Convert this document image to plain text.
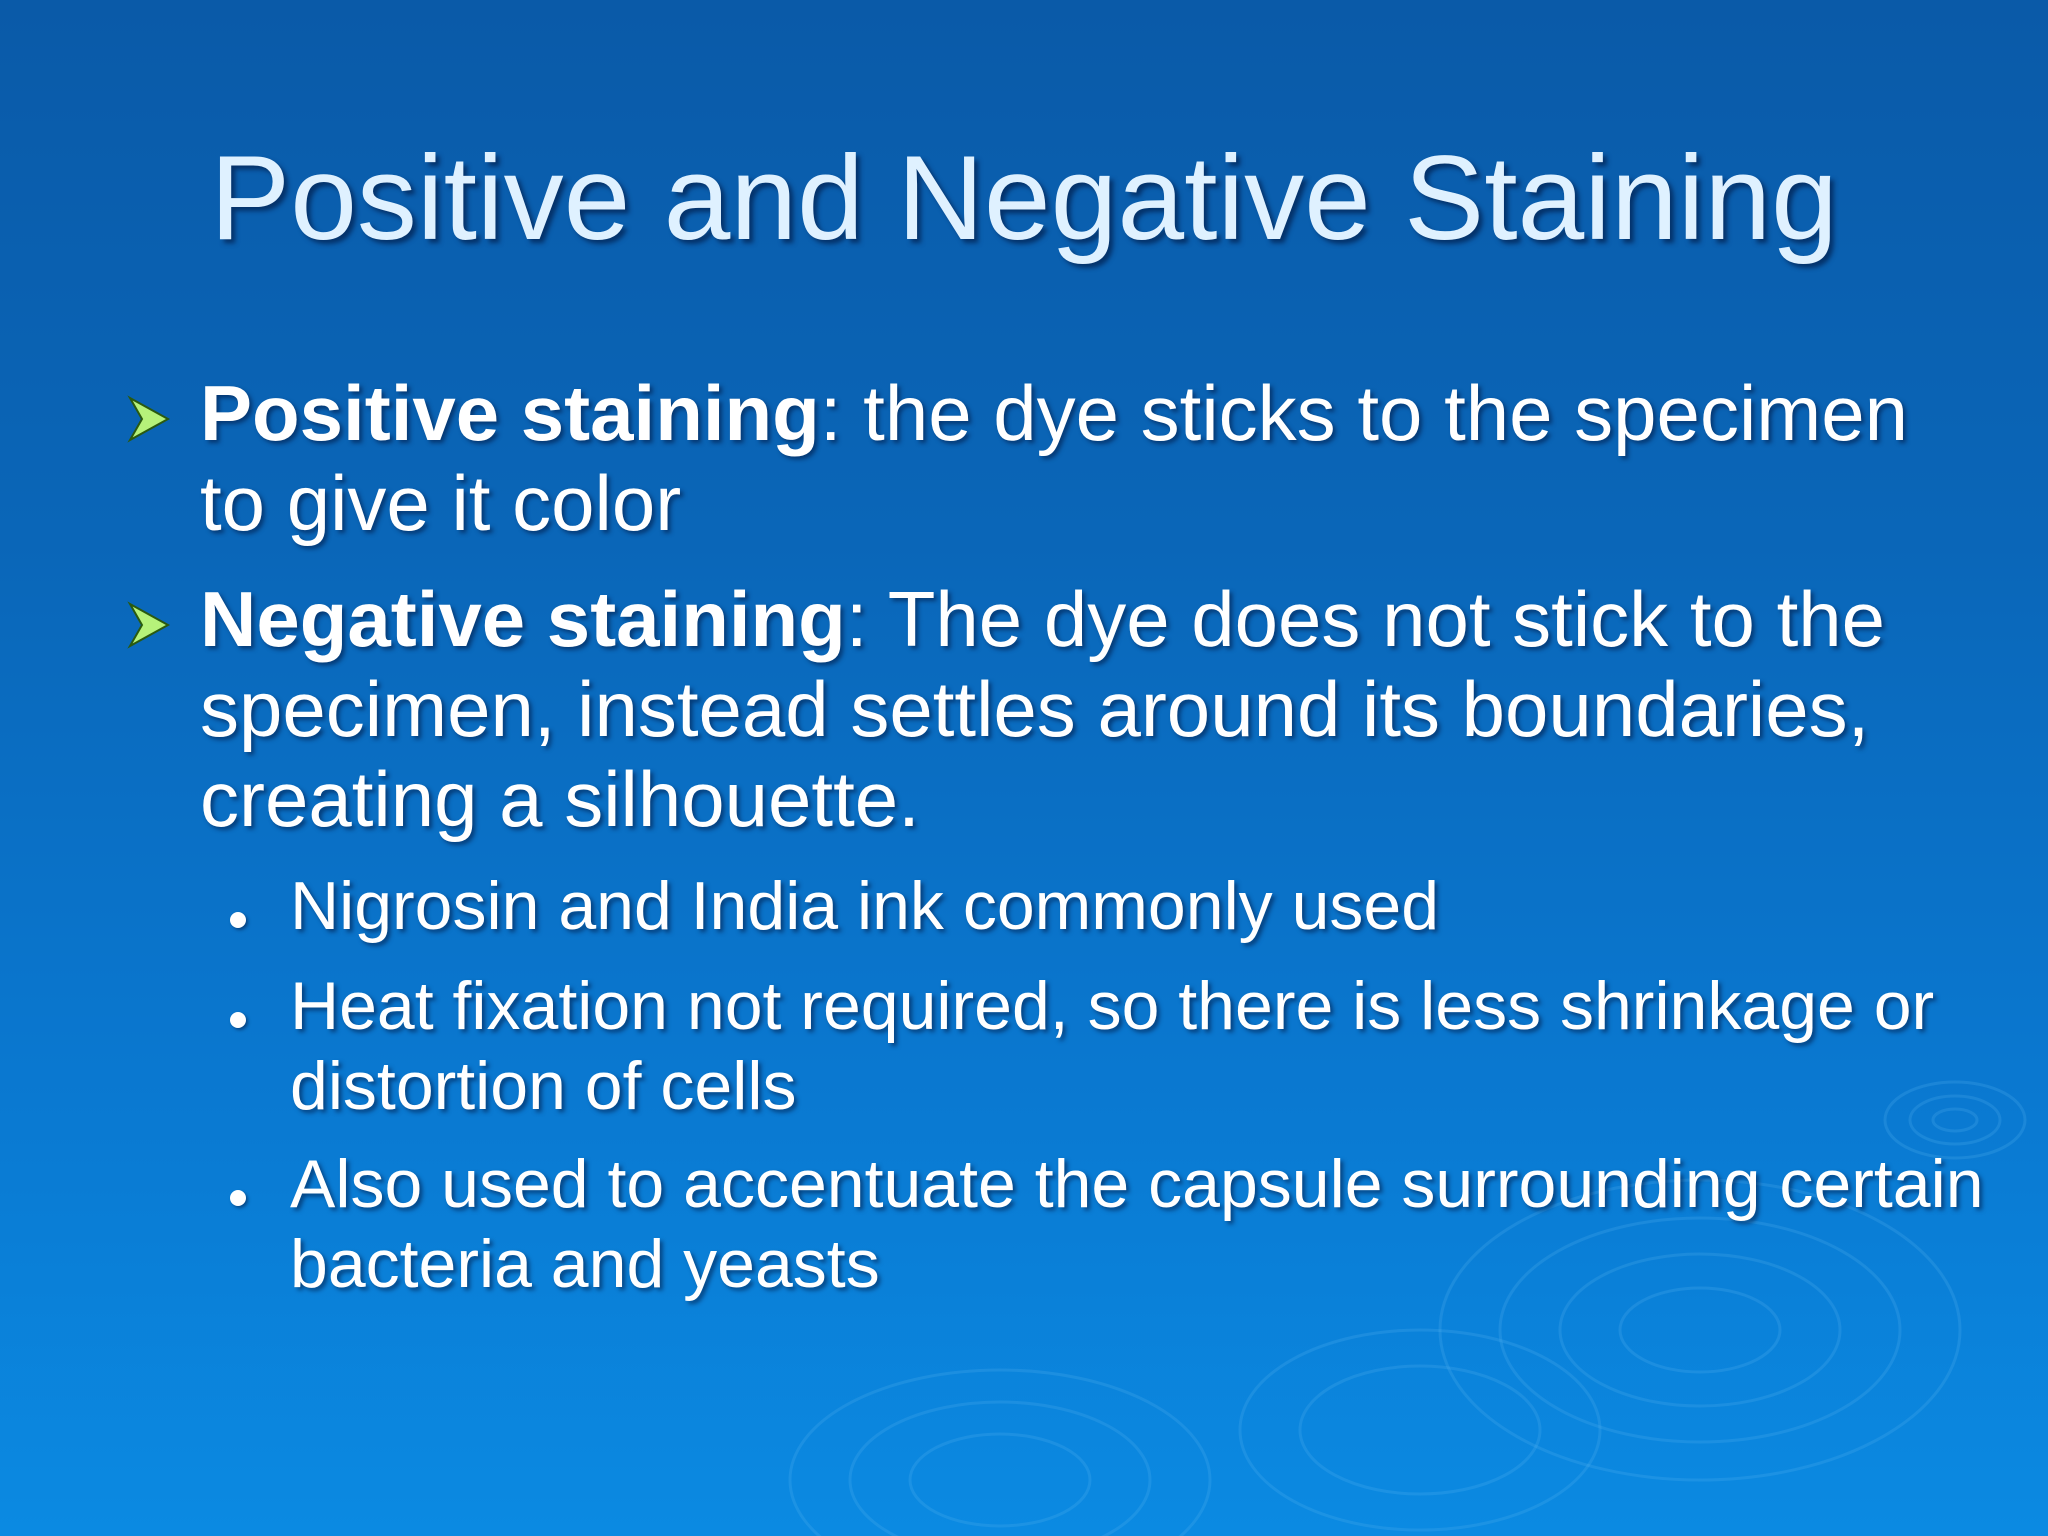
Positive and Negative Staining
Positive staining: the dye sticks to the specimen to give it color
Negative staining: The dye does not stick to the specimen, instead settles around its boundaries, creating a silhouette.
Nigrosin and India ink commonly used
Heat fixation not required, so there is less shrinkage or distortion of cells
Also used to accentuate the capsule surrounding certain bacteria and yeasts
